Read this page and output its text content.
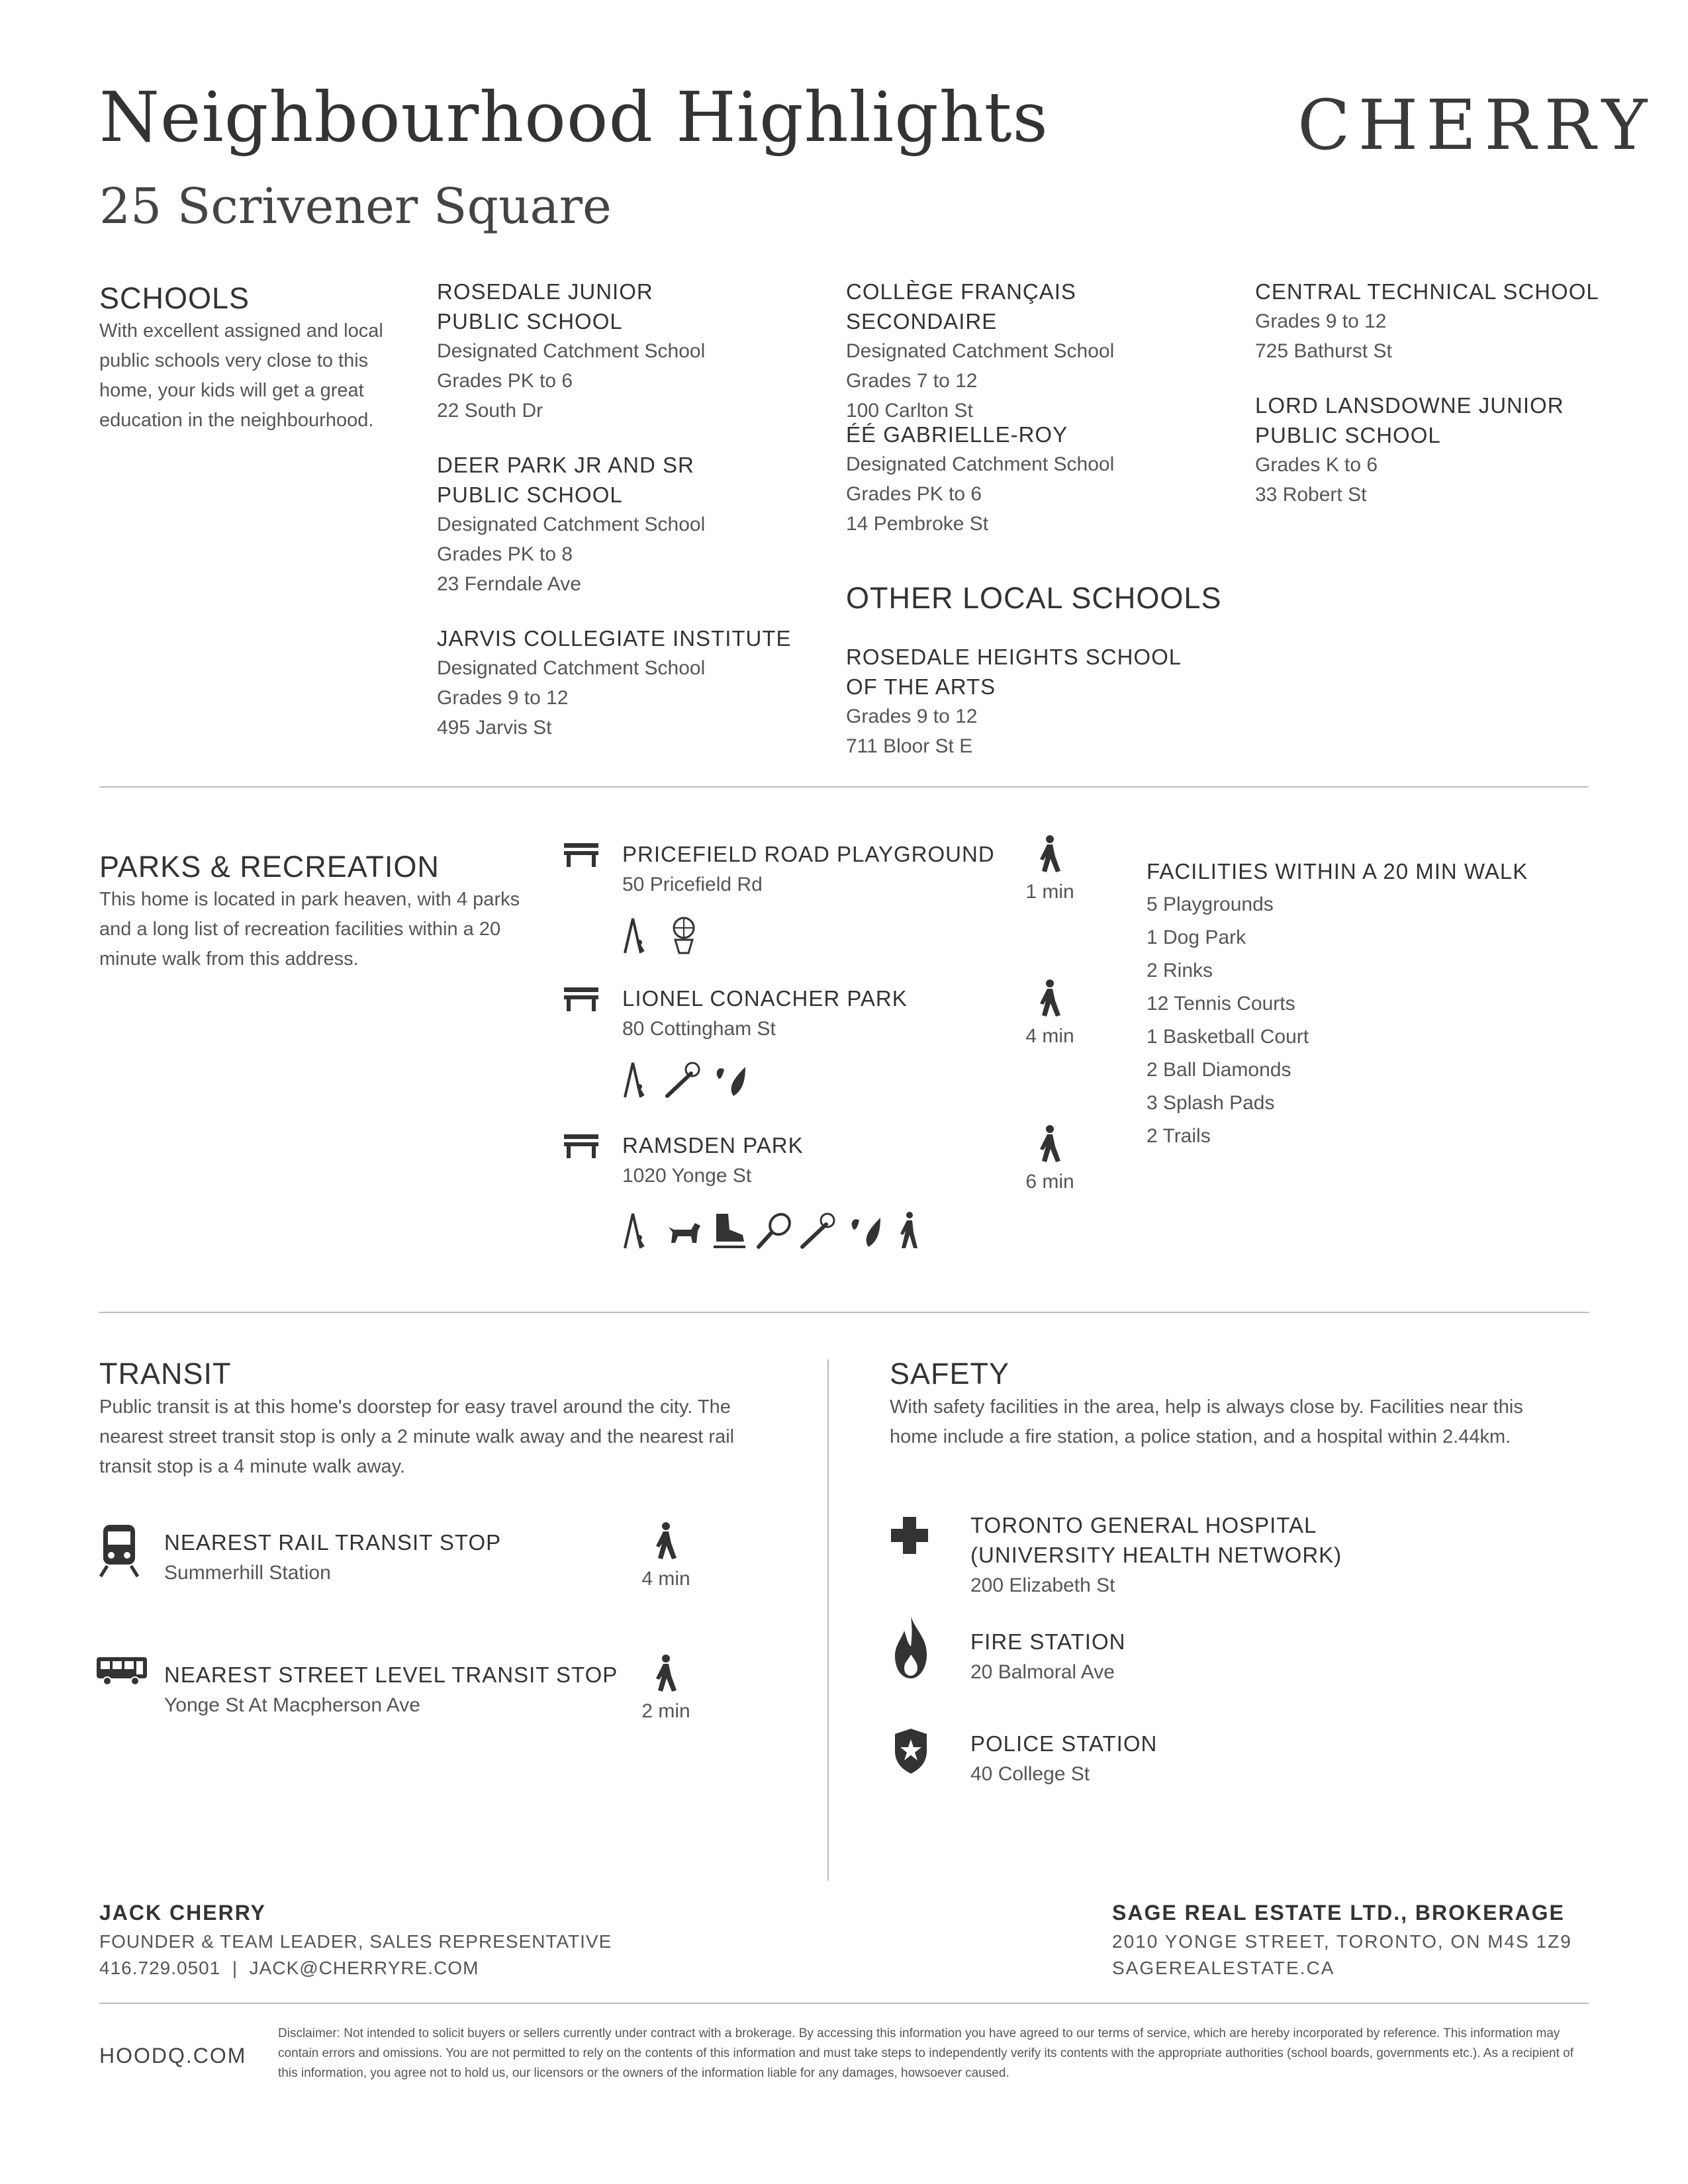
Neighbourhood Highlights
25 Scrivener Square
CHERRY
SCHOOLS
With excellent assigned and local public schools very close to this home, your kids will get a great education in the neighbourhood.
ROSEDALE JUNIOR
PUBLIC SCHOOL
Designated Catchment School
Grades PK to 6
22 South Dr
DEER PARK JR AND SR
PUBLIC SCHOOL
Designated Catchment School
Grades PK to 8
23 Ferndale Ave
JARVIS COLLEGIATE INSTITUTE
Designated Catchment School
Grades 9 to 12
495 Jarvis St
COLLÈGE FRANÇAIS SECONDAIRE
Designated Catchment School
Grades 7 to 12
100 Carlton St
ÉÉ GABRIELLE-ROY
Designated Catchment School
Grades PK to 6
14 Pembroke St
OTHER LOCAL SCHOOLS
ROSEDALE HEIGHTS SCHOOL
OF THE ARTS
Grades 9 to 12
711 Bloor St E
CENTRAL TECHNICAL SCHOOL
Grades 9 to 12
725 Bathurst St
LORD LANSDOWNE JUNIOR
PUBLIC SCHOOL
Grades K to 6
33 Robert St
PARKS & RECREATION
This home is located in park heaven, with 4 parks and a long list of recreation facilities within a 20 minute walk from this address.
PRICEFIELD ROAD PLAYGROUND
50 Pricefield Rd	1 min
LIONEL CONACHER PARK
80 Cottingham St	4 min
RAMSDEN PARK
1020 Yonge St	6 min
FACILITIES WITHIN A 20 MIN WALK
5 Playgrounds
1 Dog Park
2 Rinks
12 Tennis Courts
1 Basketball Court
2 Ball Diamonds
3 Splash Pads
2 Trails
TRANSIT
Public transit is at this home's doorstep for easy travel around the city. The nearest street transit stop is only a 2 minute walk away and the nearest rail transit stop is a 4 minute walk away.
NEAREST RAIL TRANSIT STOP
Summerhill Station	4 min
NEAREST STREET LEVEL TRANSIT STOP
Yonge St At Macpherson Ave	2 min
SAFETY
With safety facilities in the area, help is always close by. Facilities near this home include a fire station, a police station, and a hospital within 2.44km.
TORONTO GENERAL HOSPITAL
(UNIVERSITY HEALTH NETWORK)
200 Elizabeth St
FIRE STATION
20 Balmoral Ave
POLICE STATION
40 College St
JACK CHERRY
FOUNDER & TEAM LEADER, SALES REPRESENTATIVE
416.729.0501  |  JACK@CHERRYRE.COM
SAGE REAL ESTATE LTD., BROKERAGE
2010 YONGE STREET, TORONTO, ON M4S 1Z9
SAGEREALESTATE.CA
HOODQ.COM
Disclaimer: Not intended to solicit buyers or sellers currently under contract with a brokerage. By accessing this information you have agreed to our terms of service, which are hereby incorporated by reference. This information may contain errors and omissions. You are not permitted to rely on the contents of this information and must take steps to independently verify its contents with the appropriate authorities (school boards, governments etc.). As a recipient of this information, you agree not to hold us, our licensors or the owners of the information liable for any damages, howsoever caused.
